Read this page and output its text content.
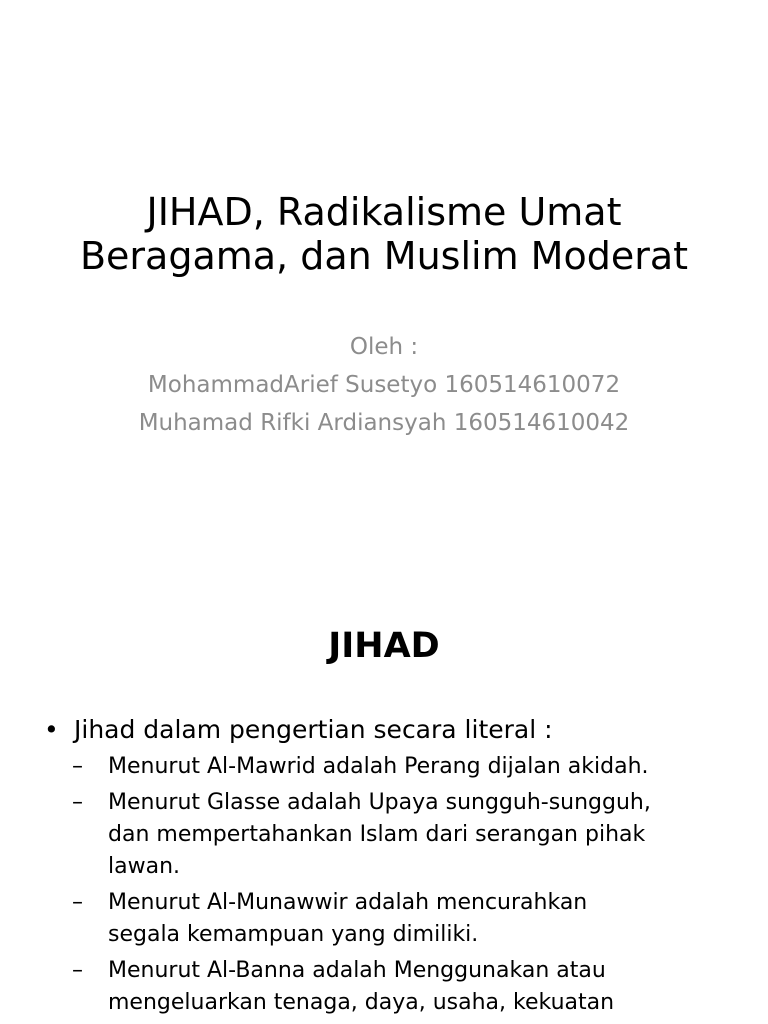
JIHAD, Radikalisme Umat
Beragama, dan Muslim Moderat
Oleh :
MohammadArief Susetyo 160514610072
Muhamad Rifki Ardiansyah 160514610042
JIHAD
• Jihad dalam pengertian secara literal :
– Menurut Al-Mawrid adalah Perang dijalan akidah.
– Menurut Glasse adalah Upaya sungguh-sungguh,
dan mempertahankan Islam dari serangan pihak
lawan.
– Menurut Al-Munawwir adalah mencurahkan
segala kemampuan yang dimiliki.
– Menurut Al-Banna adalah Menggunakan atau
mengeluarkan tenaga, daya, usaha, kekuatan
